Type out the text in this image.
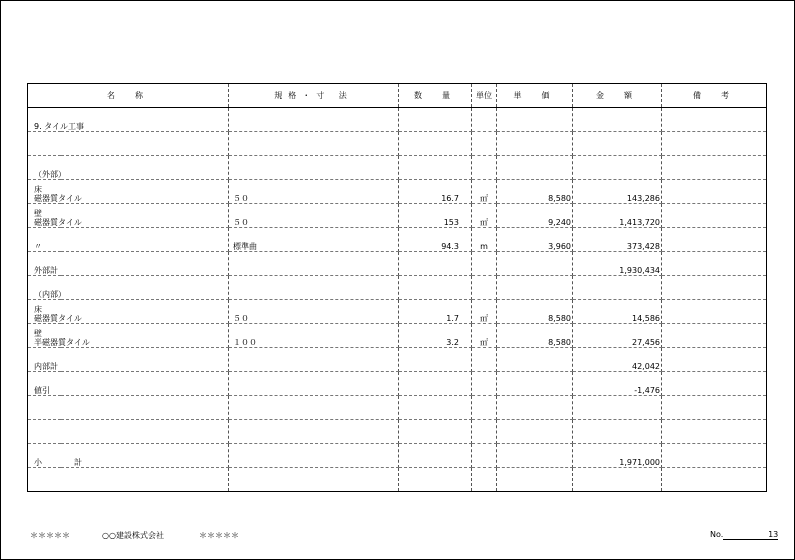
名　称	規格・寸 法	数　量	単位	単　価	金　額	備　考

9. タイル工事						

（外部）						

床
磁器質タイル	５０	16.7	㎡	8,580	143,286	

壁
磁器質タイル	５０	153	㎡	9,240	1,413,720	

〃	標準曲	94.3	m	3,960	373,428	

外部計					1,930,434	

（内部）						

床
磁器質タイル	５０	1.7	㎡	8,580	14,586	

壁
半磁器質タイル	１００	3.2	㎡	8,580	27,456	

内部計					42,042	

値引					-1,476	

小　　　　計					1,971,000	

＊＊＊＊＊	○○建設株式会社	＊＊＊＊＊	No.	13
